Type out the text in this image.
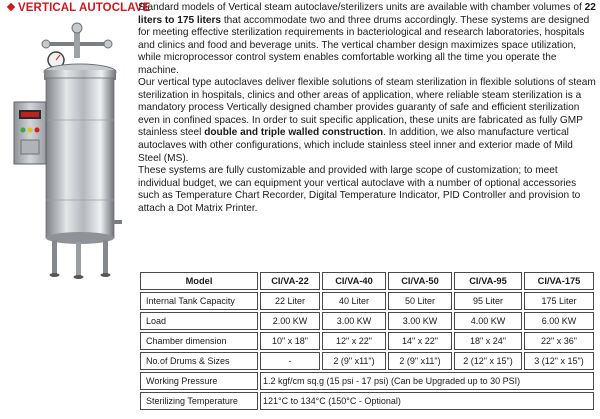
VERTICAL AUTOCLAVE

Standard models of Vertical steam autoclave/sterilizers units are available with chamber volumes of 22 liters to 175 liters that accommodate two and three drums accordingly. These systems are designed for meeting effective sterilization requirements in bacteriological and research laboratories, hospitals and clinics and food and beverage units. The vertical chamber design maximizes space utilization, while microprocessor control system enables comfortable working all the time you operate the machine.

Our vertical type autoclaves deliver flexible solutions of steam sterilization in flexible solutions of steam sterilization in hospitals, clinics and other areas of application, where reliable steam sterilization is a mandatory process Vertically designed chamber provides guaranty of safe and efficient sterilization even in confined spaces. In order to suit specific application, these units are fabricated as fully GMP stainless steel double and triple walled construction. In addition, we also manufacture vertical autoclaves with other configurations, which include stainless steel inner and exterior made of Mild Steel (MS).

These systems are fully customizable and provided with large scope of customization; to meet individual budget, we can equipment your vertical autoclave with a number of optional accessories such as Temperature Chart Recorder, Digital Temperature Indicator, PID Controller and provision to attach a Dot Matrix Printer.

Model	CI/VA-22	CI/VA-40	CI/VA-50	CI/VA-95	CI/VA-175
Internal Tank Capacity	22 Liter	40 Liter	50 Liter	95 Liter	175 Liter
Load	2.00 KW	3.00 KW	3.00 KW	4.00 KW	6.00 KW
Chamber dimension	10" x 18"	12" x 22"	14" x 22"	18" x 24"	22" x 36"
No.of Drums & Sizes	-	2 (9" x11")	2 (9" x11")	2 (12" x 15")	3 (12" x 15")
Working Pressure	1.2 kgf/cm sq.g (15 psi - 17 psi) (Can be Upgraded up to 30 PSI)				
Sterilizing Temperature	121°C to 134°C (150°C - Optional)				
